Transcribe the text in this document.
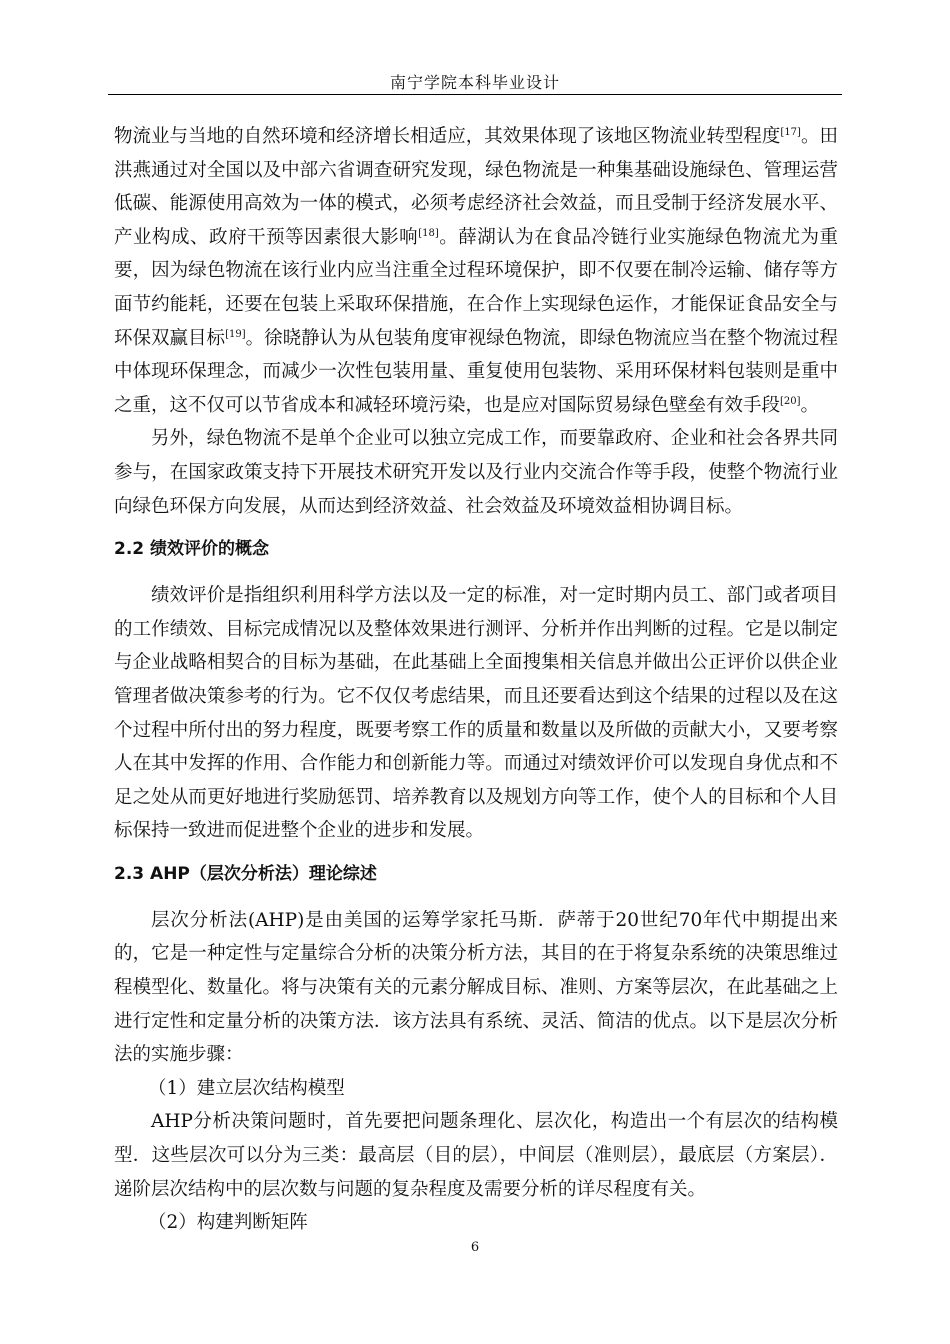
南宁学院本科毕业设计

物流业与当地的自然环境和经济增长相适应，其效果体现了该地区物流业转型程度[17]。田洪燕通过对全国以及中部六省调查研究发现，绿色物流是一种集基础设施绿色、管理运营低碳、能源使用高效为一体的模式，必须考虑经济社会效益，而且受制于经济发展水平、产业构成、政府干预等因素很大影响[18]。薛湖认为在食品冷链行业实施绿色物流尤为重要，因为绿色物流在该行业内应当注重全过程环境保护，即不仅要在制冷运输、储存等方面节约能耗，还要在包装上采取环保措施，在合作上实现绿色运作，才能保证食品安全与环保双赢目标[19]。徐晓静认为从包装角度审视绿色物流，即绿色物流应当在整个物流过程中体现环保理念，而减少一次性包装用量、重复使用包装物、采用环保材料包装则是重中之重，这不仅可以节省成本和减轻环境污染，也是应对国际贸易绿色壁垒有效手段[20]。

另外，绿色物流不是单个企业可以独立完成工作，而要靠政府、企业和社会各界共同参与，在国家政策支持下开展技术研究开发以及行业内交流合作等手段，使整个物流行业向绿色环保方向发展，从而达到经济效益、社会效益及环境效益相协调目标。

2.2 绩效评价的概念

绩效评价是指组织利用科学方法以及一定的标准，对一定时期内员工、部门或者项目的工作绩效、目标完成情况以及整体效果进行测评、分析并作出判断的过程。它是以制定与企业战略相契合的目标为基础，在此基础上全面搜集相关信息并做出公正评价以供企业管理者做决策参考的行为。它不仅仅考虑结果，而且还要看达到这个结果的过程以及在这个过程中所付出的努力程度，既要考察工作的质量和数量以及所做的贡献大小，又要考察人在其中发挥的作用、合作能力和创新能力等。而通过对绩效评价可以发现自身优点和不足之处从而更好地进行奖励惩罚、培养教育以及规划方向等工作，使个人的目标和个人目标保持一致进而促进整个企业的进步和发展。

2.3 AHP（层次分析法）理论综述

层次分析法(AHP)是由美国的运筹学家托马斯．萨蒂于20世纪70年代中期提出来的，它是一种定性与定量综合分析的决策分析方法，其目的在于将复杂系统的决策思维过程模型化、数量化。将与决策有关的元素分解成目标、准则、方案等层次，在此基础之上进行定性和定量分析的决策方法．该方法具有系统、灵活、简洁的优点。以下是层次分析法的实施步骤：

（1）建立层次结构模型

AHP分析决策问题时，首先要把问题条理化、层次化，构造出一个有层次的结构模型．这些层次可以分为三类：最高层（目的层），中间层（准则层），最底层（方案层）．递阶层次结构中的层次数与问题的复杂程度及需要分析的详尽程度有关。

（2）构建判断矩阵

6
